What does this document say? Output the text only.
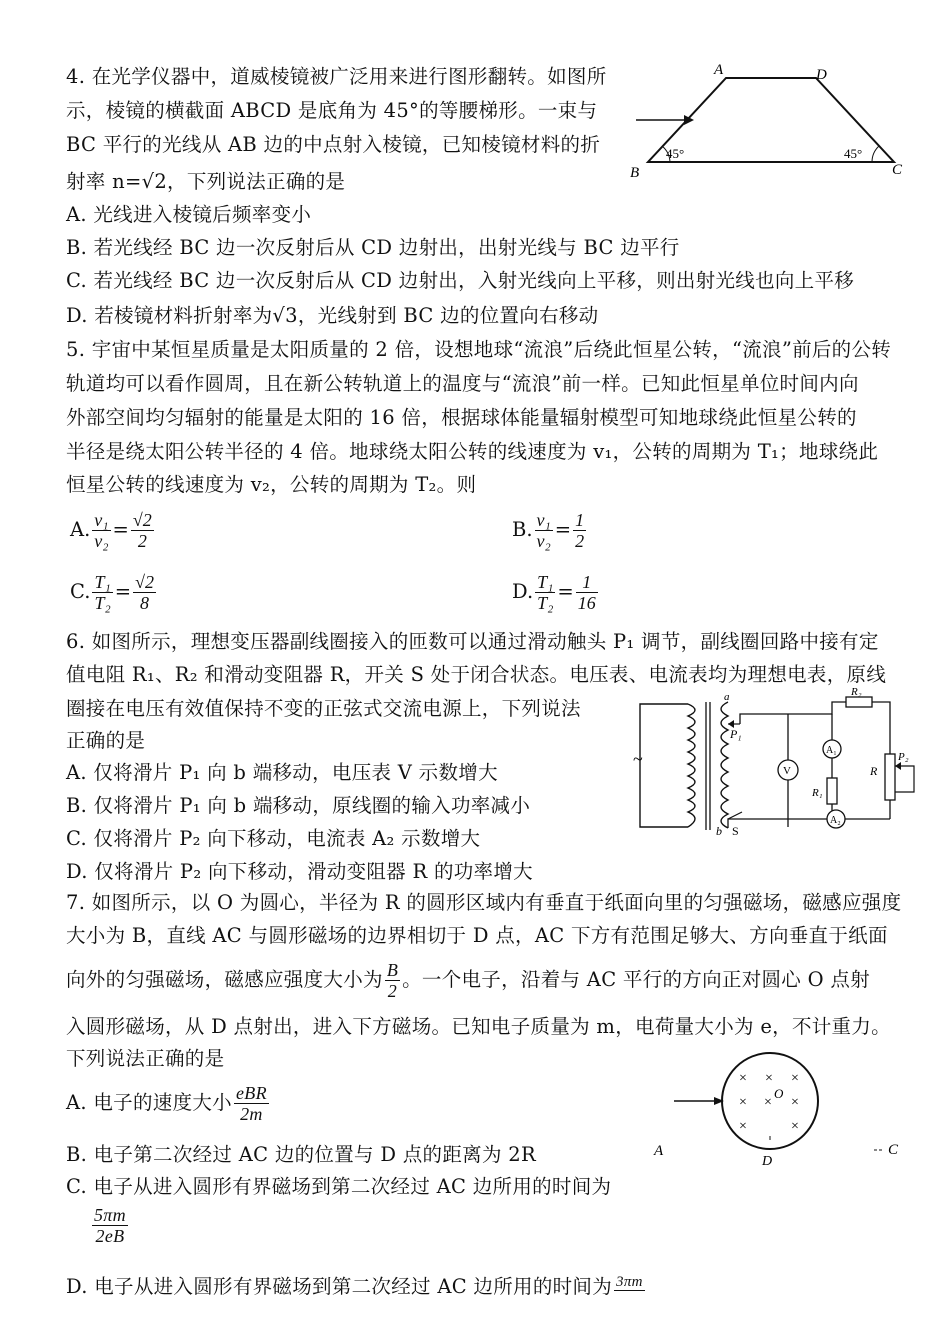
4. 在光学仪器中，道威棱镜被广泛用来进行图形翻转。如图所
示，棱镜的横截面 ABCD 是底角为 45°的等腰梯形。一束与
BC 平行的光线从 AB 边的中点射入棱镜，已知棱镜材料的折
射率 n=√2，下列说法正确的是
A. 光线进入棱镜后频率变小
B. 若光线经 BC 边一次反射后从 CD 边射出，出射光线与 BC 边平行
C. 若光线经 BC 边一次反射后从 CD 边射出，入射光线向上平移，则出射光线也向上平移
D. 若棱镜材料折射率为√3，光线射到 BC 边的位置向右移动
A	D
B	C
45°	45°
5. 宇宙中某恒星质量是太阳质量的 2 倍，设想地球“流浪”后绕此恒星公转，“流浪”前后的公转
轨道均可以看作圆周，且在新公转轨道上的温度与“流浪”前一样。已知此恒星单位时间内向
外部空间均匀辐射的能量是太阳的 16 倍，根据球体能量辐射模型可知地球绕此恒星公转的
半径是绕太阳公转半径的 4 倍。地球绕太阳公转的线速度为 v₁，公转的周期为 T₁；地球绕此
恒星公转的线速度为 v₂，公转的周期为 T₂。则
A. $\frac{\text{v₁}}{\text{v₂}} = \frac{√2}{2}$	B. $\frac{\text{v₁}}{\text{v₂}} = \frac{1}{2}$
C. $\frac{\text{T₁}}{\text{T₂}} = \frac{√2}{8}$	D. $\frac{\text{T₁}}{\text{T₂}} = \frac{1}{16}$
6. 如图所示，理想变压器副线圈接入的匝数可以通过滑动触头 P₁ 调节，副线圈回路中接有定
值电阻 R₁、R₂ 和滑动变阻器 R，开关 S 处于闭合状态。电压表、电流表均为理想电表，原线
圈接在电压有效值保持不变的正弦式交流电源上，下列说法
正确的是
A. 仅将滑片 P₁ 向 b 端移动，电压表 V 示数增大
B. 仅将滑片 P₁ 向 b 端移动，原线圈的输入功率减小
C. 仅将滑片 P₂ 向下移动，电流表 A₂ 示数增大
D. 仅将滑片 P₂ 向下移动，滑动变阻器 R 的功率增大
~
a
b
P₁
R₂
V
A₁
R₁
R
P₂
A₂
S
7. 如图所示，以 O 为圆心，半径为 R 的圆形区域内有垂直于纸面向里的匀强磁场，磁感应强度
大小为 B，直线 AC 与圆形磁场的边界相切于 D 点，AC 下方有范围足够大、方向垂直于纸面
向外的匀强磁场，磁感应强度大小为 $\frac{B}{2}$ 。一个电子，沿着与 AC 平行的方向正对圆心 O 点射
入圆形磁场，从 D 点射出，进入下方磁场。已知电子质量为 m，电荷量大小为 e，不计重力。
下列说法正确的是
A. 电子的速度大小 $\frac{\text{eBR}}{2m}$
B. 电子第二次经过 AC 边的位置与 D 点的距离为 2R
C. 电子从进入圆形有界磁场到第二次经过 AC 边所用的时间为
$\frac{5\pi m}{2eB}$
D. 电子从进入圆形有界磁场到第二次经过 AC 边所用的时间为 3πm
× × ×
× × ×
×	×
O
A
D
C
